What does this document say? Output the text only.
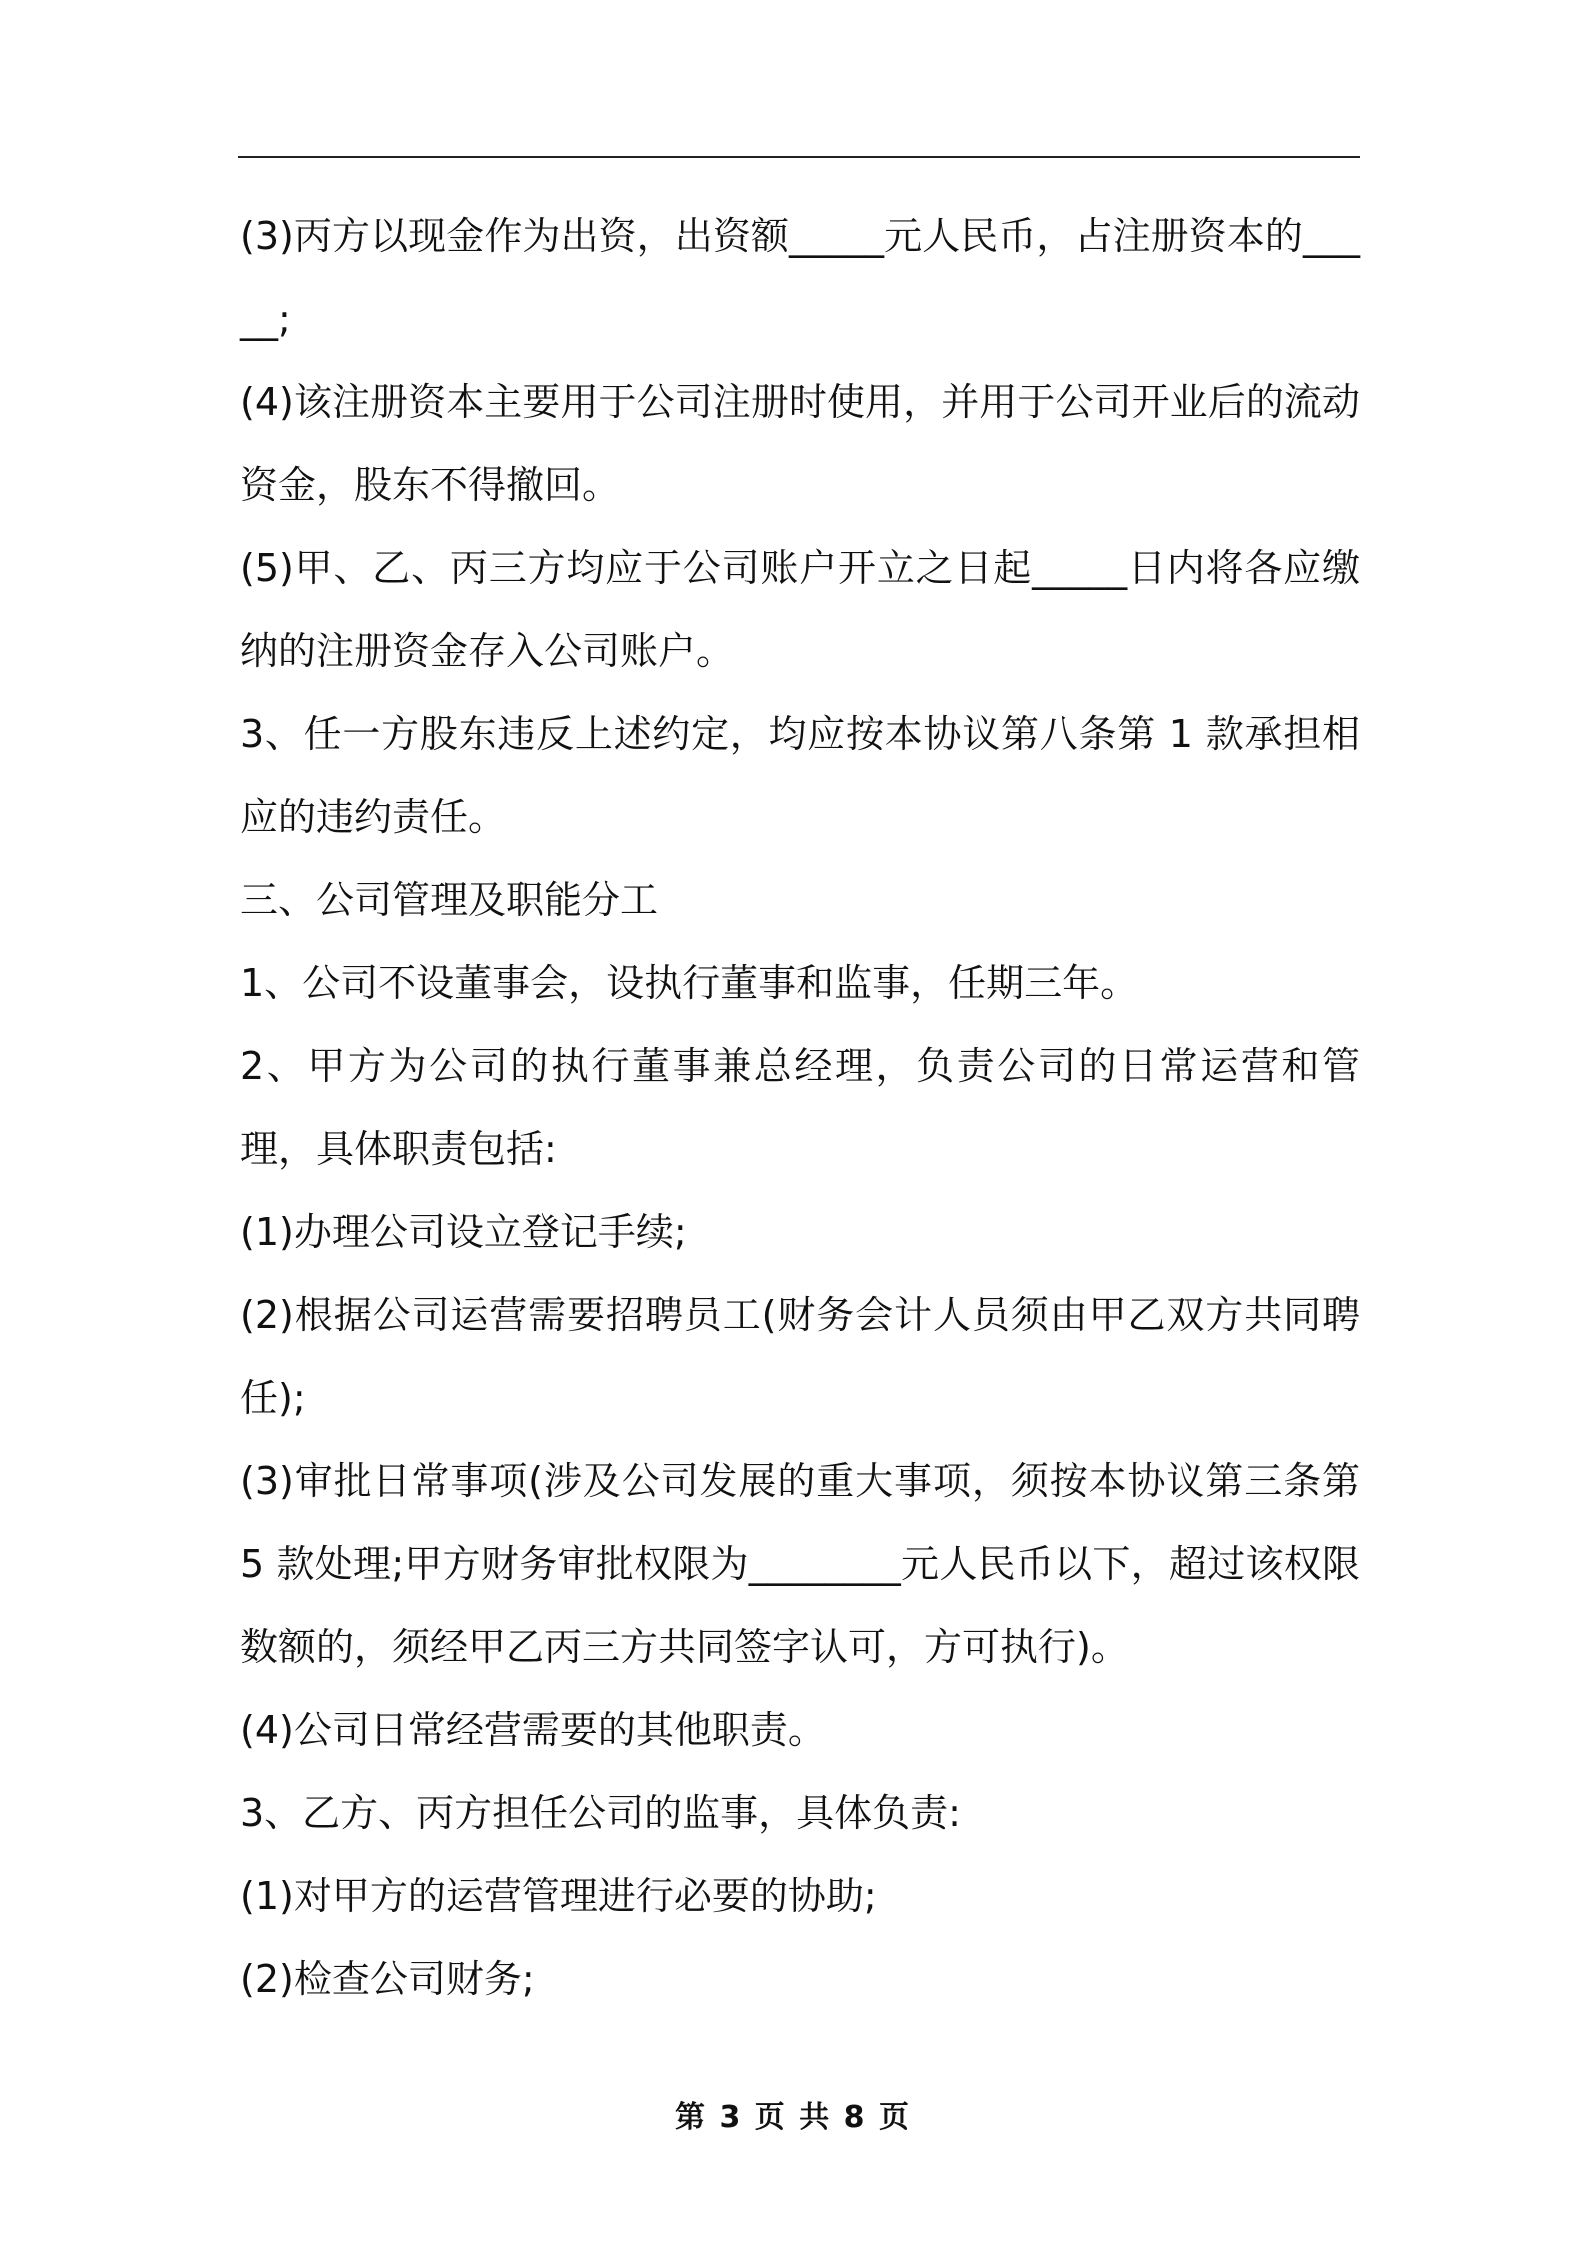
(3)丙方以现金作为出资，出资额_____元人民币，占注册资本的_____;

(4)该注册资本主要用于公司注册时使用，并用于公司开业后的流动资金，股东不得撤回。

(5)甲、乙、丙三方均应于公司账户开立之日起_____日内将各应缴纳的注册资金存入公司账户。

3、任一方股东违反上述约定，均应按本协议第八条第 1 款承担相应的违约责任。

三、公司管理及职能分工

1、公司不设董事会，设执行董事和监事，任期三年。

2、甲方为公司的执行董事兼总经理，负责公司的日常运营和管理，具体职责包括:

(1)办理公司设立登记手续;

(2)根据公司运营需要招聘员工(财务会计人员须由甲乙双方共同聘任);

(3)审批日常事项(涉及公司发展的重大事项，须按本协议第三条第 5 款处理;甲方财务审批权限为________元人民币以下，超过该权限数额的，须经甲乙丙三方共同签字认可，方可执行)。

(4)公司日常经营需要的其他职责。

3、乙方、丙方担任公司的监事，具体负责:

(1)对甲方的运营管理进行必要的协助;

(2)检查公司财务;

第 3 页 共 8 页
